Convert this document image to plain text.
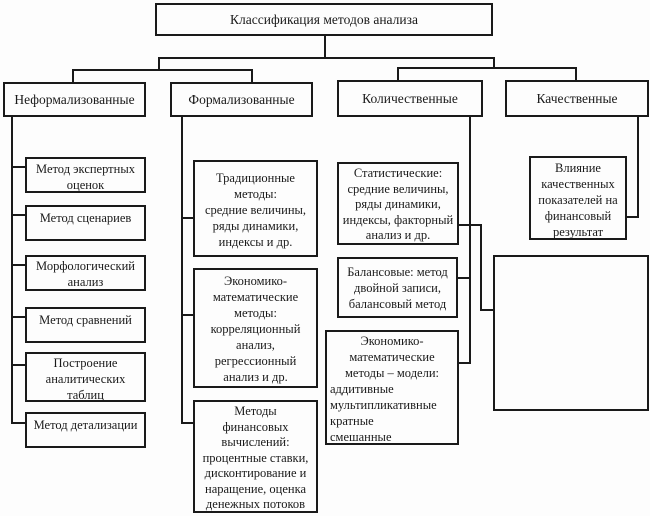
Классификация методов анализа
Неформализованные	Формализованные	Количественные	Качественные
Метод экспертных
оценок
Метод сценариев
Морфологический
анализ
Метод сравнений
Построение
аналитических
таблиц
Метод детализации
Традиционные
методы:
средние величины,
ряды динамики,
индексы и др.
Экономико-
математические
методы:
корреляционный
анализ,
регрессионный
анализ и др.
Методы
финансовых
вычислений:
процентные ставки,
дисконтирование и
наращение, оценка
денежных потоков
Статистические:
средние величины,
ряды динамики,
индексы, факторный
анализ и др.
Балансовые: метод
двойной записи,
балансовый метод
Экономико-
математические
методы – модели:
аддитивные
мультипликативные
кратные
смешанные
Влияние
качественных
показателей на
финансовый
результат
